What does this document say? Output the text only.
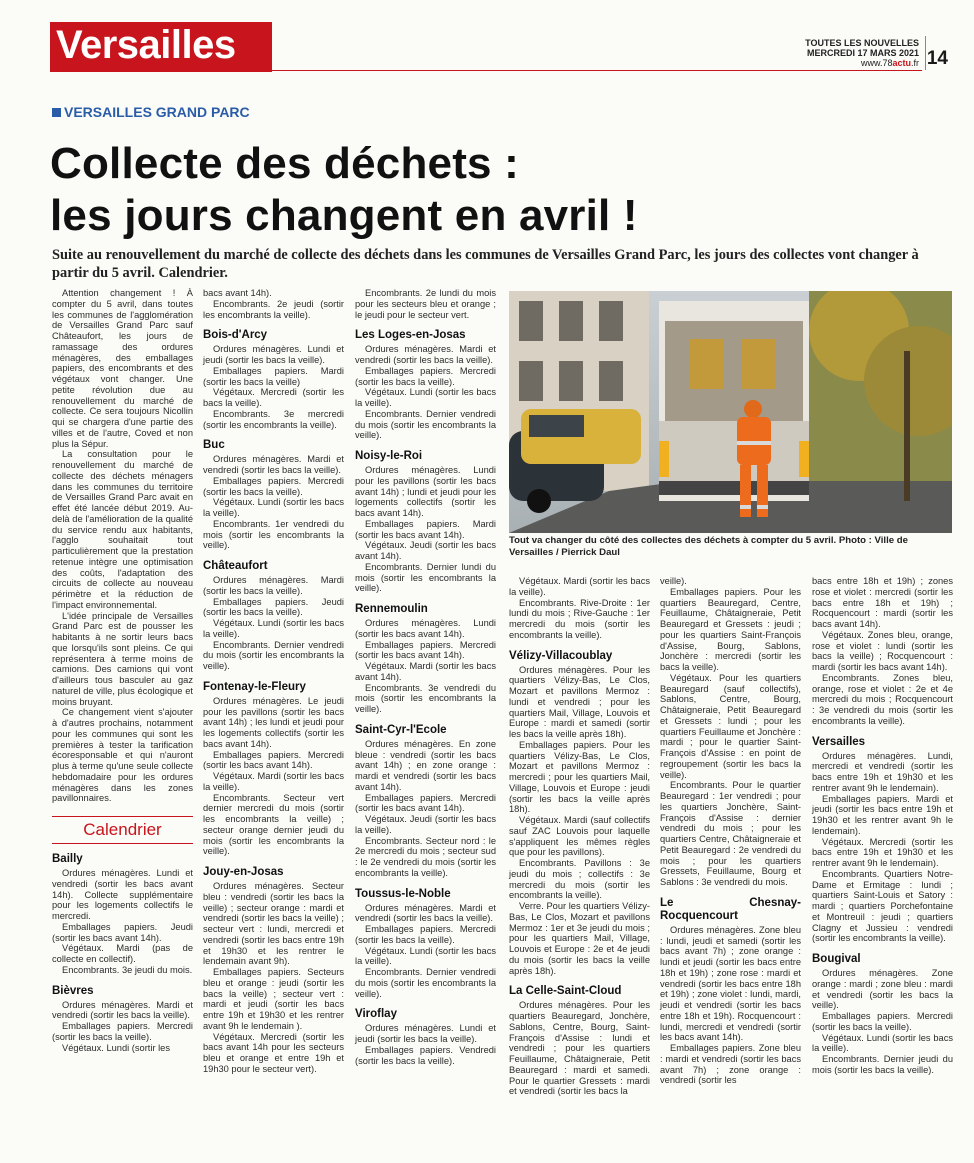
Versailles	TOUTES LES NOUVELLES
MERCREDI 17 MARS 2021
www.78actu.fr 14
VERSAILLES GRAND PARC
Collecte des déchets :
les jours changent en avril !
Suite au renouvellement du marché de collecte des déchets dans les communes de Versailles Grand Parc, les jours des collectes vont changer à partir du 5 avril. Calendrier.

Attention changement ! À compter du 5 avril, dans toutes les communes de l'agglomération de Versailles Grand Parc sauf Châteaufort, les jours de ramassage des ordures ménagères, des emballages papiers, des encombrants et des végétaux vont changer. Une petite révolution due au renouvellement du marché de collecte. Ce sera toujours Nicollin qui se chargera d'une partie des villes et de l'autre, Coved et non plus la Sépur.

La consultation pour le renouvellement du marché de collecte des déchets ménagers dans les communes du territoire de Versailles Grand Parc avait en effet été lancée début 2019. Au-delà de l'amélioration de la qualité du service rendu aux habitants, l'agglo souhaitait tout particulièrement que la prestation retenue intègre une optimisation des coûts, l'adaptation des circuits de collecte au nouveau périmètre et la réduction de l'impact environnemental.

L'idée principale de Versailles Grand Parc est de pousser les habitants à ne sortir leurs bacs que lorsqu'ils sont pleins. Ce qui représentera à terme moins de camions. Des camions qui vont d'ailleurs tous basculer au gaz naturel de ville, plus écologique et moins bruyant.

Ce changement vient s'ajouter à d'autres prochains, notamment pour les communes qui sont les premières à tester la tarification écoresponsable et qui n'auront plus à terme qu'une seule collecte hebdomadaire pour les ordures ménagères dans les zones pavillonnaires.

Calendrier
Bailly

Ordures ménagères. Lundi et vendredi (sortir les bacs avant 14h). Collecte supplémentaire pour les logements collectifs le mercredi.

Emballages papiers. Jeudi (sortir les bacs avant 14h).

Végétaux. Mardi (pas de collecte en collectif).

Encombrants. 3e jeudi du mois.

Bièvres

Ordures ménagères. Mardi et vendredi (sortir les bacs la veille).

Emballages papiers. Mercredi (sortir les bacs la veille).

Végétaux. Lundi (sortir les

bacs avant 14h).

Encombrants. 2e jeudi (sortir les encombrants la veille).

Bois-d'Arcy

Ordures ménagères. Lundi et jeudi (sortir les bacs la veille).

Emballages papiers. Mardi (sortir les bacs la veille)

Végétaux. Mercredi (sortir les bacs la veille).

Encombrants. 3e mercredi (sortir les encombrants la veille).

Buc

Ordures ménagères. Mardi et vendredi (sortir les bacs la veille).

Emballages papiers. Mercredi (sortir les bacs la veille).

Végétaux. Lundi (sortir les bacs la veille).

Encombrants. 1er vendredi du mois (sortir les encombrants la veille).

Châteaufort

Ordures ménagères. Mardi (sortir les bacs la veille).

Emballages papiers. Jeudi (sortir les bacs la veille).

Végétaux. Lundi (sortir les bacs la veille).

Encombrants. Dernier vendredi du mois (sortir les encombrants la veille).

Fontenay-le-Fleury

Ordures ménagères. Le jeudi pour les pavillons (sortir les bacs avant 14h) ; les lundi et jeudi pour les logements collectifs (sortir les bacs avant 14h).

Emballages papiers. Mercredi (sortir les bacs avant 14h).

Végétaux. Mardi (sortir les bacs la veille).

Encombrants. Secteur vert dernier mercredi du mois (sortir les encombrants la veille) ; secteur orange dernier jeudi du mois (sortir les encombrants la veille).

Jouy-en-Josas

Ordures ménagères. Secteur bleu : vendredi (sortir les bacs la veille) ; secteur orange : mardi et vendredi (sortir les bacs la veille) ; secteur vert : lundi, mercredi et vendredi (sortir les bacs entre 19h et 19h30 et les rentrer le lendemain avant 9h).

Emballages papiers. Secteurs bleu et orange : jeudi (sortir les bacs la veille) ; secteur vert : mardi et jeudi (sortir les bacs entre 19h et 19h30 et les rentrer avant 9h le lendemain ).

Végétaux. Mercredi (sortir les bacs avant 14h pour les secteurs bleu et orange et entre 19h et 19h30 pour le secteur vert).

Encombrants. 2e lundi du mois pour les secteurs bleu et orange ; le jeudi pour le secteur vert.

Les Loges-en-Josas

Ordures ménagères. Mardi et vendredi (sortir les bacs la veille).

Emballages papiers. Mercredi (sortir les bacs la veille).

Végétaux. Lundi (sortir les bacs la veille).

Encombrants. Dernier vendredi du mois (sortir les encombrants la veille).

Noisy-le-Roi

Ordures ménagères. Lundi pour les pavillons (sortir les bacs avant 14h) ; lundi et jeudi pour les logements collectifs (sortir les bacs avant 14h).

Emballages papiers. Mardi (sortir les bacs avant 14h).

Végétaux. Jeudi (sortir les bacs avant 14h).

Encombrants. Dernier lundi du mois (sortir les encombrants la veille).

Rennemoulin

Ordures ménagères. Lundi (sortir les bacs avant 14h).

Emballages papiers. Mercredi (sortir les bacs avant 14h).

Végétaux. Mardi (sortir les bacs avant 14h).

Encombrants. 3e vendredi du mois (sortir les encombrants la veille).

Saint-Cyr-l'Ecole

Ordures ménagères. En zone bleue : vendredi (sortir les bacs avant 14h) ; en zone orange : mardi et vendredi (sortir les bacs avant 14h).

Emballages papiers. Mercredi (sortir les bacs avant 14h).

Végétaux. Jeudi (sortir les bacs la veille).

Encombrants. Secteur nord : le 2e mercredi du mois ; secteur sud : le 2e vendredi du mois (sortir les encombrants la veille).

Toussus-le-Noble

Ordures ménagères. Mardi et vendredi (sortir les bacs la veille).

Emballages papiers. Mercredi (sortir les bacs la veille).

Végétaux. Lundi (sortir les bacs la veille).

Encombrants. Dernier vendredi du mois (sortir les encombrants la veille).

Viroflay

Ordures ménagères. Lundi et jeudi (sortir les bacs la veille).

Emballages papiers. Vendredi (sortir les bacs la veille).

Tout va changer du côté des collectes des déchets à compter du 5 avril. Photo : Ville de Versailles / Pierrick Daul

Végétaux. Mardi (sortir les bacs la veille).

Encombrants. Rive-Droite : 1er lundi du mois ; Rive-Gauche : 1er mercredi du mois (sortir les encombrants la veille).

Vélizy-Villacoublay

Ordures ménagères. Pour les quartiers Vélizy-Bas, Le Clos, Mozart et pavillons Mermoz : lundi et vendredi ; pour les quartiers Mail, Village, Louvois et Europe : mardi et samedi (sortir les bacs la veille après 18h).

Emballages papiers. Pour les quartiers Vélizy-Bas, Le Clos, Mozart et pavillons Mermoz : mercredi ; pour les quartiers Mail, Village, Louvois et Europe : jeudi (sortir les bacs la veille après 18h).

Végétaux. Mardi (sauf collectifs sauf ZAC Louvois pour laquelle s'appliquent les mêmes règles que pour les pavillons).

Encombrants. Pavillons : 3e jeudi du mois ; collectifs : 3e mercredi du mois (sortir les encombrants la veille).

Verre. Pour les quartiers Vélizy-Bas, Le Clos, Mozart et pavillons Mermoz : 1er et 3e jeudi du mois ; pour les quartiers Mail, Village, Louvois et Europe : 2e et 4e jeudi du mois (sortir les bacs la veille après 18h).

La Celle-Saint-Cloud

Ordures ménagères. Pour les quartiers Beauregard, Jonchère, Sablons, Centre, Bourg, Saint-François d'Assise : lundi et vendredi ; pour les quartiers Feuillaume, Châtaigneraie, Petit Beauregard : mardi et samedi. Pour le quartier Gressets : mardi et vendredi (sortir les bacs la

veille).

Emballages papiers. Pour les quartiers Beauregard, Centre, Feuillaume, Châtaigneraie, Petit Beauregard et Gressets : jeudi ; pour les quartiers Saint-François d'Assise, Bourg, Sablons, Jonchère : mercredi (sortir les bacs la veille).

Végétaux. Pour les quartiers Beauregard (sauf collectifs), Sablons, Centre, Bourg, Châtaigneraie, Petit Beauregard et Gressets : lundi ; pour les quartiers Feuillaume et Jonchère : mardi ; pour le quartier Saint-François d'Assise : en point de regroupement (sortir les bacs la veille).

Encombrants. Pour le quartier Beauregard : 1er vendredi ; pour les quartiers Jonchère, Saint-François d'Assise : dernier vendredi du mois ; pour les quartiers Centre, Châtaigneraie et Petit Beauregard : 2e vendredi du mois ; pour les quartiers Gressets, Feuillaume, Bourg et Sablons : 3e vendredi du mois.

Le Chesnay-Rocquencourt

Ordures ménagères. Zone bleu : lundi, jeudi et samedi (sortir les bacs avant 7h) ; zone orange : lundi et jeudi (sortir les bacs entre 18h et 19h) ; zone rose : mardi et vendredi (sortir les bacs entre 18h et 19h) ; zone violet : lundi, mardi, jeudi et vendredi (sortir les bacs entre 18h et 19h). Rocquencourt : lundi, mercredi et vendredi (sortir les bacs avant 14h).

Emballages papiers. Zone bleu : mardi et vendredi (sortir les bacs avant 7h) ; zone orange : vendredi (sortir les

bacs entre 18h et 19h) ; zones rose et violet : mercredi (sortir les bacs entre 18h et 19h) ; Rocquencourt : mardi (sortir les bacs avant 14h).

Végétaux. Zones bleu, orange, rose et violet : lundi (sortir les bacs la veille) ; Rocquencourt : mardi (sortir les bacs avant 14h).

Encombrants. Zones bleu, orange, rose et violet : 2e et 4e mercredi du mois ; Rocquencourt : 3e vendredi du mois (sortir les encombrants la veille).

Versailles

Ordures ménagères. Lundi, mercredi et vendredi (sortir les bacs entre 19h et 19h30 et les rentrer avant 9h le lendemain).

Emballages papiers. Mardi et jeudi (sortir les bacs entre 19h et 19h30 et les rentrer avant 9h le lendemain).

Végétaux. Mercredi (sortir les bacs entre 19h et 19h30 et les rentrer avant 9h le lendemain).

Encombrants. Quartiers Notre-Dame et Ermitage : lundi ; quartiers Saint-Louis et Satory : mardi ; quartiers Porchefontaine et Montreuil : jeudi ; quartiers Clagny et Jussieu : vendredi (sortir les encombrants la veille).

Bougival

Ordures ménagères. Zone orange : mardi ; zone bleu : mardi et vendredi (sortir les bacs la veille).

Emballages papiers. Mercredi (sortir les bacs la veille).

Végétaux. Lundi (sortir les bacs la veille).

Encombrants. Dernier jeudi du mois (sortir les bacs la veille).
